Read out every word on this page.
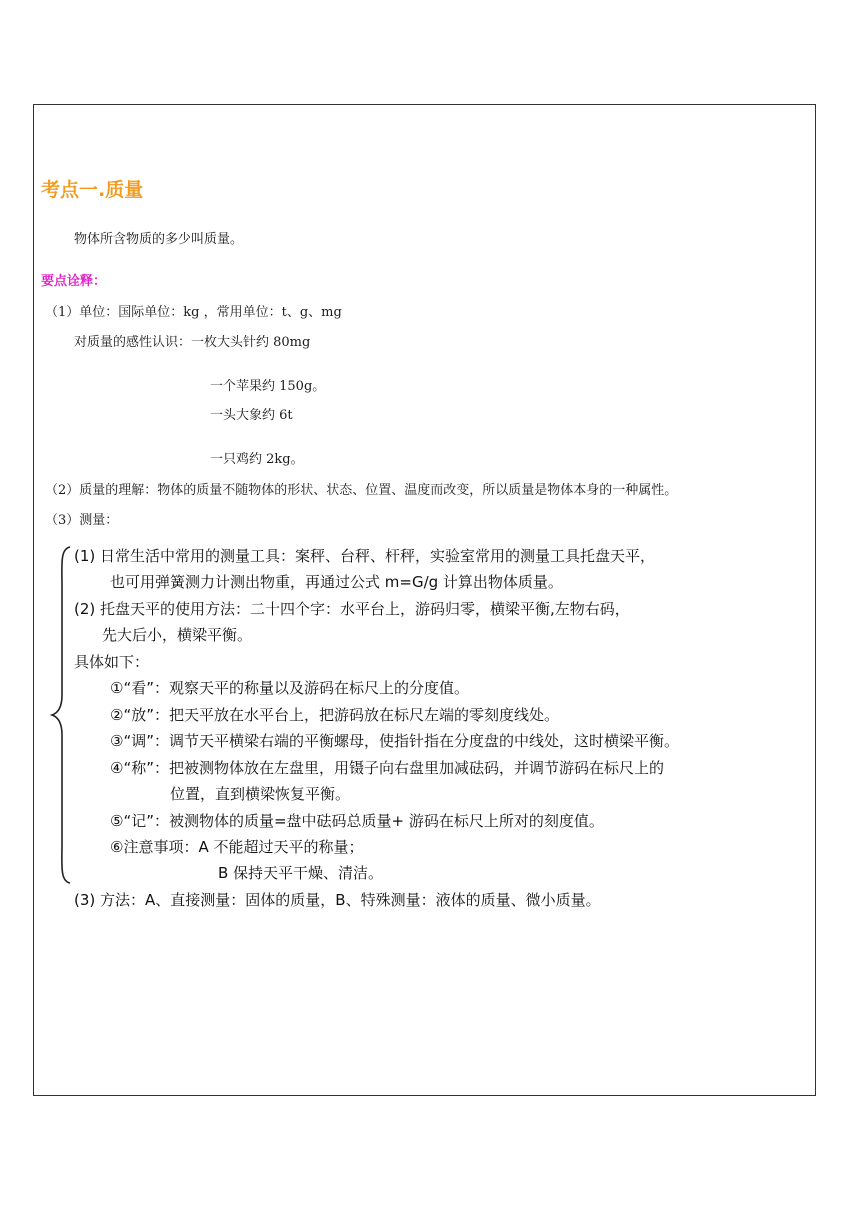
考点一.质量
物体所含物质的多少叫质量。
要点诠释：
（1）单位：国际单位：kg ，常用单位：t、g、mg
对质量的感性认识：一枚大头针约 80mg
一个苹果约 150g。
一头大象约 6t
一只鸡约 2kg。
（2）质量的理解：物体的质量不随物体的形状、状态、位置、温度而改变，所以质量是物体本身的一种属性。
（3）测量：
(1) 日常生活中常用的测量工具：案秤、台秤、杆秤，实验室常用的测量工具托盘天平，
也可用弹簧测力计测出物重，再通过公式 m=G/g 计算出物体质量。
(2) 托盘天平的使用方法：二十四个字：水平台上，游码归零，横梁平衡,左物右码，
先大后小，横梁平衡。
具体如下：
①“看”：观察天平的称量以及游码在标尺上的分度值。
②“放”：把天平放在水平台上，把游码放在标尺左端的零刻度线处。
③“调”：调节天平横梁右端的平衡螺母，使指针指在分度盘的中线处，这时横梁平衡。
④“称”：把被测物体放在左盘里，用镊子向右盘里加减砝码，并调节游码在标尺上的
位置，直到横梁恢复平衡。
⑤“记”：被测物体的质量=盘中砝码总质量+ 游码在标尺上所对的刻度值。
⑥注意事项：A 不能超过天平的称量；
B 保持天平干燥、清洁。
(3) 方法：A、直接测量：固体的质量，B、特殊测量：液体的质量、微小质量。
